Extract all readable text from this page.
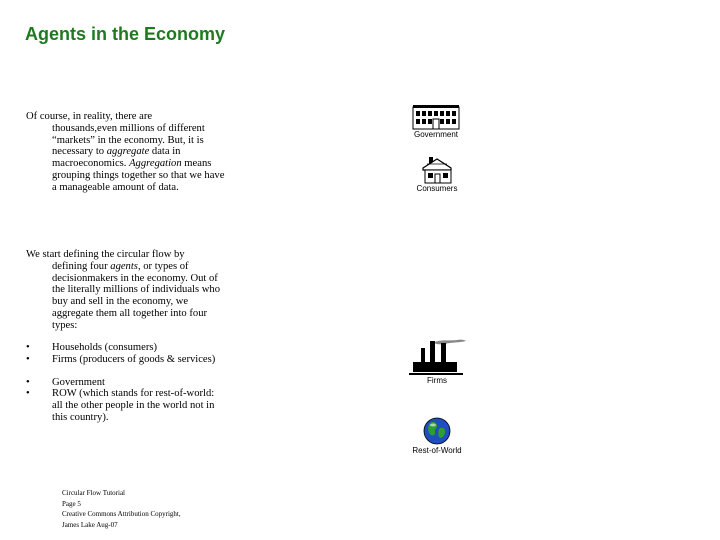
Agents in the Economy

Of course, in reality, there are
thousands,even millions of different “markets” in the economy. But, it is necessary to aggregate data in macroeconomics. Aggregation means grouping things together so that we have a manageable amount of data.

We start defining the circular flow by
defining four agents, or types of decisionmakers in the economy. Out of the literally millions of individuals who buy and sell in the economy, we aggregate them all together into four types:

• Households (consumers)
• Firms (producers of goods & services)
• Government
• ROW (which stands for rest-of-world: all the other people in the world not in this country).
Circular Flow Tutorial
Page 5
Creative Commons Attribution Copyright,
James Lake Aug-07
Government
Consumers
Firms
Rest-of-World
